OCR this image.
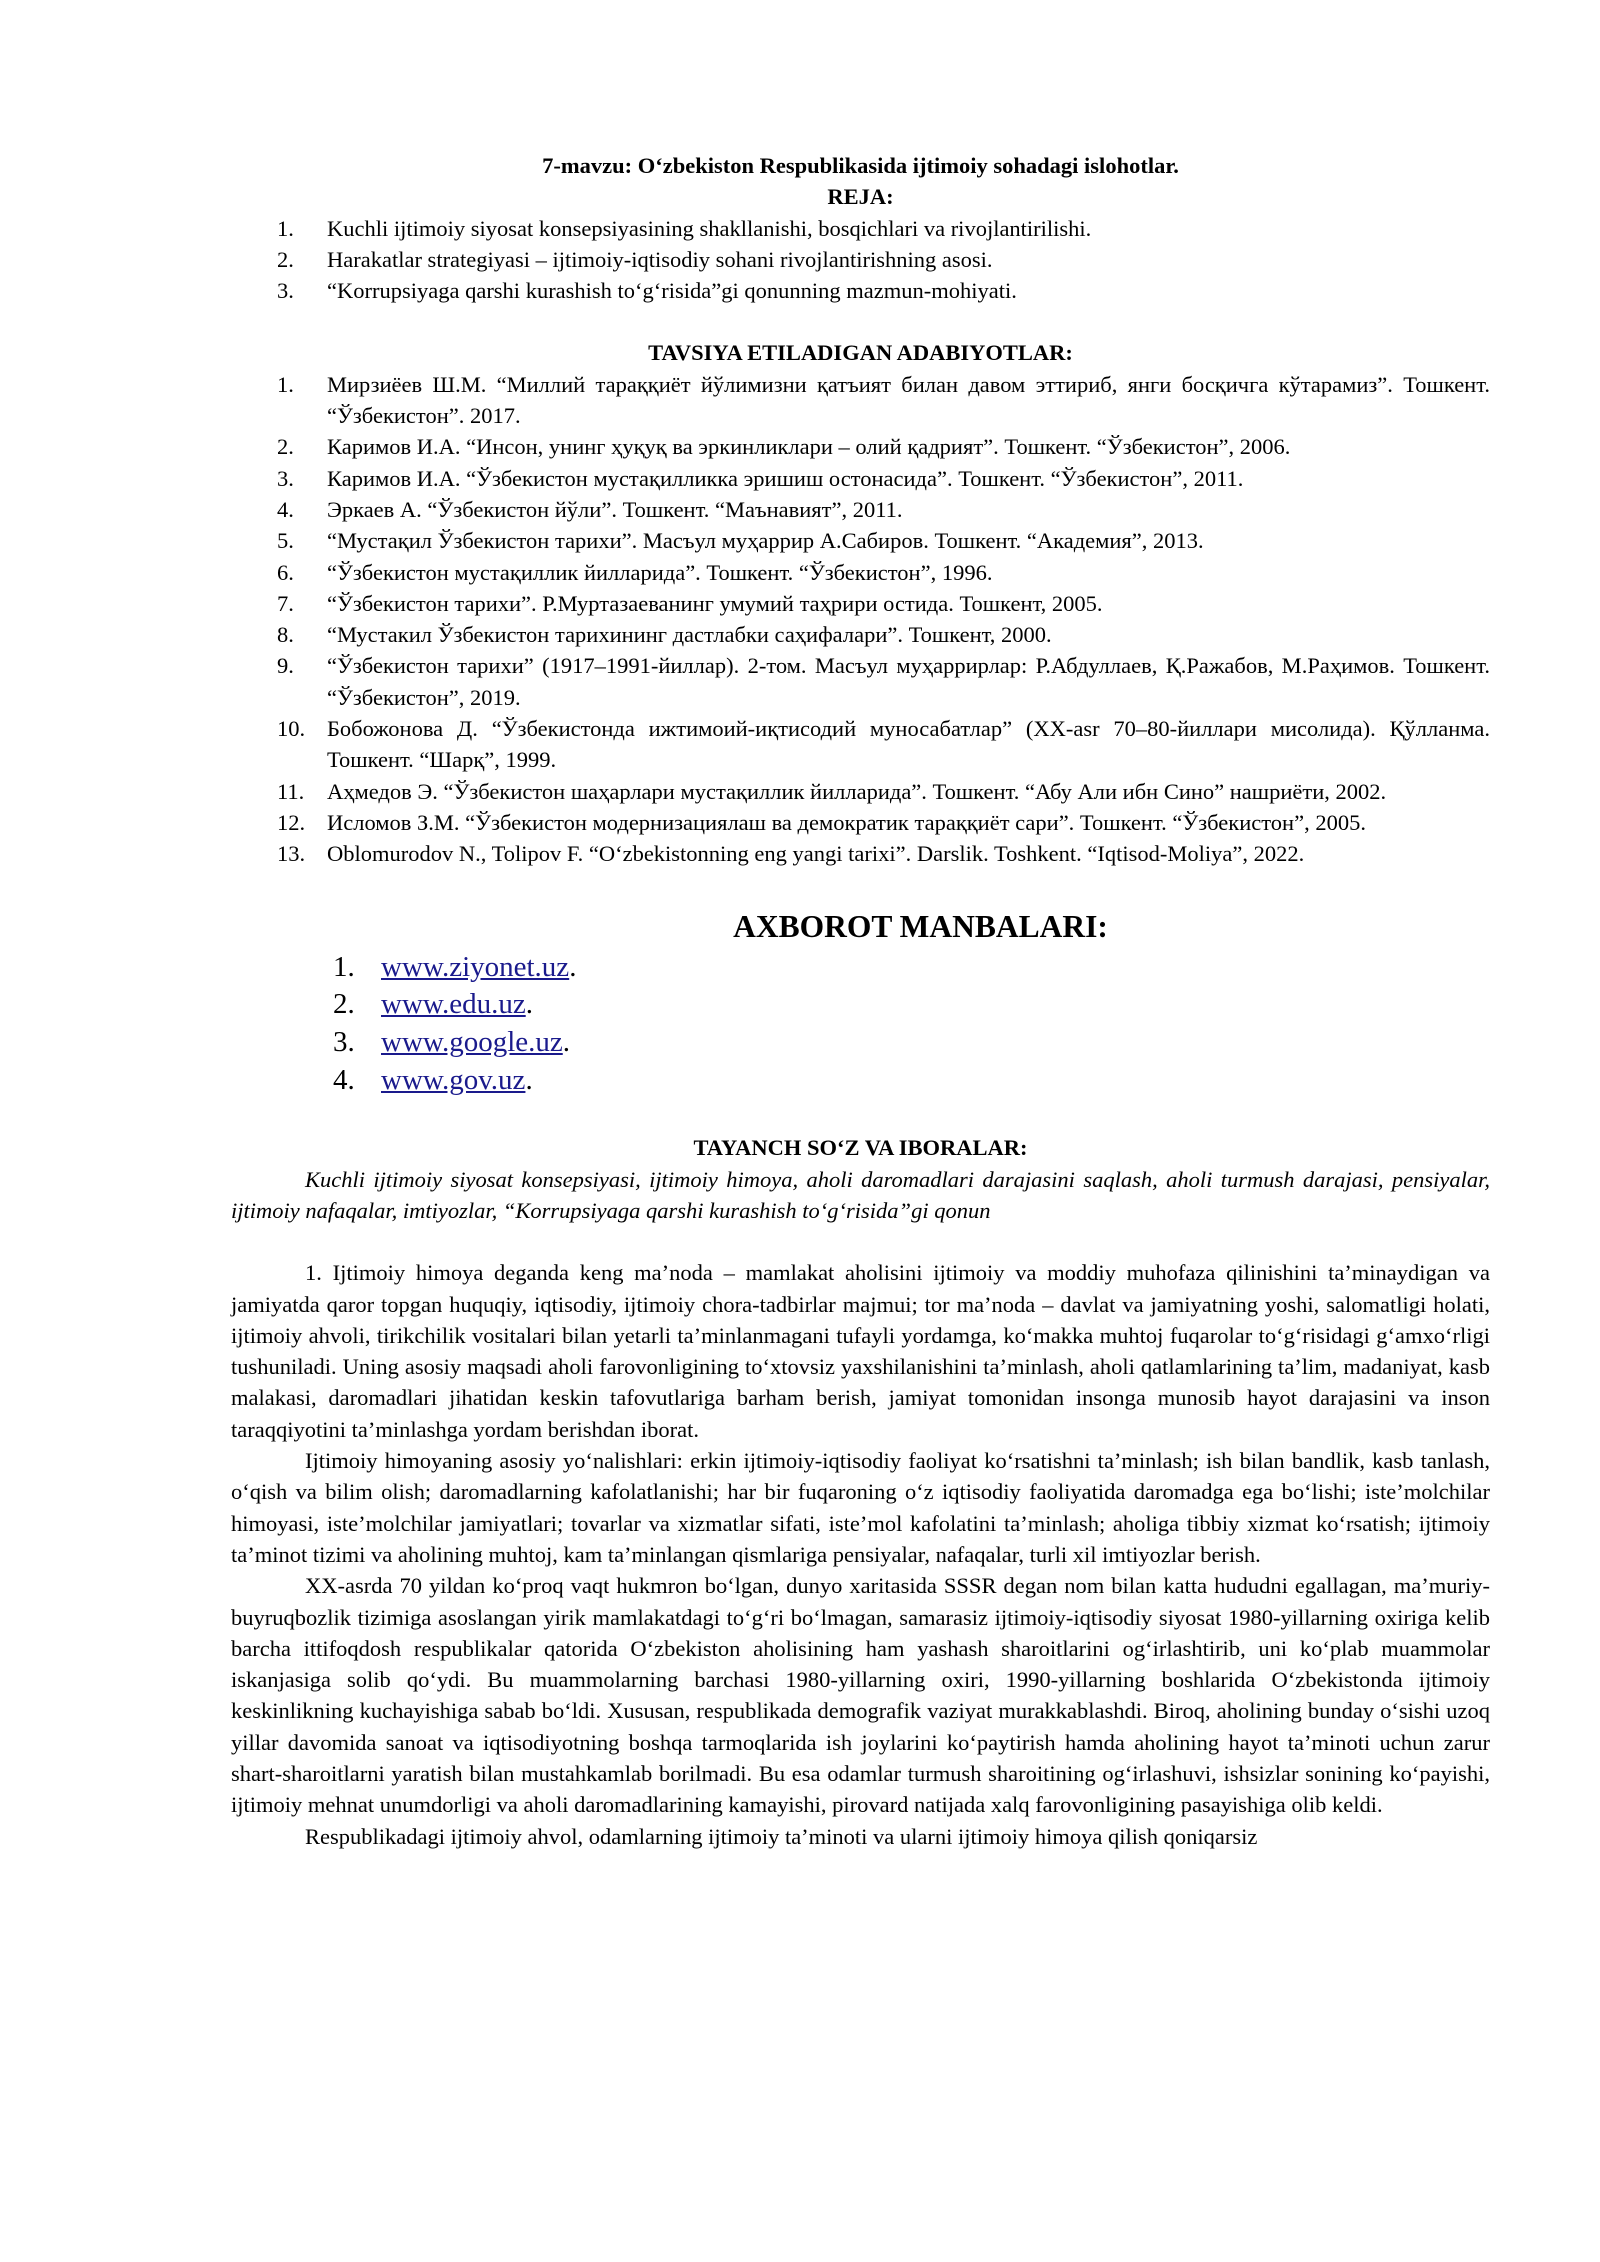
7-mavzu: O‘zbekiston Respublikasida ijtimoiy sohadagi islohotlar.

REJA:

1.	Kuchli ijtimoiy siyosat konsepsiyasining shakllanishi, bosqichlari va rivojlantirilishi.
2.	Harakatlar strategiyasi – ijtimoiy-iqtisodiy sohani rivojlantirishning asosi.
3.	“Korrupsiyaga qarshi kurashish to‘g‘risida”gi qonunning mazmun-mohiyati.

TAVSIYA ETILADIGAN ADABIYOTLAR:

1.	Мирзиёев Ш.М. “Миллий тараққиёт йўлимизни қатъият билан давом эттириб, янги босқичга кўтарамиз”. Тошкент. “Ўзбекистон”. 2017.
2.	Каримов И.А. “Инсон, унинг ҳуқуқ ва эркинликлари – олий қадрият”. Тошкент. “Ўзбекистон”, 2006.
3.	Каримов И.А. “Ўзбекистон мустақилликка эришиш остонасида”. Тошкент. “Ўзбекистон”, 2011.
4.	Эркаев А. “Ўзбекистон йўли”. Тошкент. “Маънавият”, 2011.
5.	“Мустақил Ўзбекистон тарихи”. Масъул муҳаррир А.Сабиров. Тошкент. “Академия”, 2013.
6.	“Ўзбекистон мустақиллик йилларида”. Тошкент. “Ўзбекистон”, 1996.
7.	“Ўзбекистон тарихи”. Р.Муртазаеванинг умумий таҳрири остида. Тошкент, 2005.
8.	“Мустакил Ўзбекистон тарихининг дастлабки саҳифалари”. Тошкент, 2000.
9.	“Ўзбекистон тарихи” (1917–1991-йиллар). 2-том. Масъул муҳаррирлар: Р.Абдуллаев, Қ.Ражабов, М.Раҳимов. Тошкент. “Ўзбекистон”, 2019.
10. Бобожонова Д. “Ўзбекистонда ижтимоий-иқтисодий муносабатлар” (XX-asr 70–80-йиллари мисолида). Қўлланма. Тошкент. “Шарқ”, 1999.
11.	Аҳмедов Э. “Ўзбекистон шаҳарлари мустақиллик йилларида”. Тошкент. “Абу Али ибн Сино” нашриёти, 2002.
12. Исломов З.М. “Ўзбекистон модернизациялаш ва демократик тараққиёт сари”. Тошкент. “Ўзбекистон”, 2005.
13. Oblomurodov N., Tolipov F. “O‘zbekistonning eng yangi tarixi”. Darslik. Toshkent. “Iqtisod-Moliya”, 2022.

AXBOROT MANBALARI:

1. www.ziyonet.uz.
2. www.edu.uz.
3. www.google.uz.
4. www.gov.uz.

TAYANCH SO‘Z VA IBORALAR:

Kuchli ijtimoiy siyosat konsepsiyasi, ijtimoiy himoya, aholi daromadlari darajasini saqlash, aholi turmush darajasi, pensiyalar, ijtimoiy nafaqalar, imtiyozlar, “Korrupsiyaga qarshi kurashish to‘g‘risida”gi qonun

1. Ijtimoiy himoya deganda keng ma’noda – mamlakat aholisini ijtimoiy va moddiy muhofaza qilinishini ta’minaydigan va jamiyatda qaror topgan huquqiy, iqtisodiy, ijtimoiy chora-tadbirlar majmui; tor ma’noda – davlat va jamiyatning yoshi, salomatligi holati, ijtimoiy ahvoli, tirikchilik vositalari bilan yetarli ta’minlanmagani tufayli yordamga, ko‘makka muhtoj fuqarolar to‘g‘risidagi g‘amxo‘rligi tushuniladi. Uning asosiy maqsadi aholi farovonligining to‘xtovsiz yaxshilanishini ta’minlash, aholi qatlamlarining ta’lim, madaniyat, kasb malakasi, daromadlari jihatidan keskin tafovutlariga barham berish, jamiyat tomonidan insonga munosib hayot darajasini va inson taraqqiyotini ta’minlashga yordam berishdan iborat.

Ijtimoiy himoyaning asosiy yo‘nalishlari: erkin ijtimoiy-iqtisodiy faoliyat ko‘rsatishni ta’minlash; ish bilan bandlik, kasb tanlash, o‘qish va bilim olish; daromadlarning kafolatlanishi; har bir fuqaroning o‘z iqtisodiy faoliyatida daromadga ega bo‘lishi; iste’molchilar himoyasi, iste’molchilar jamiyatlari; tovarlar va xizmatlar sifati, iste’mol kafolatini ta’minlash; aholiga tibbiy xizmat ko‘rsatish; ijtimoiy ta’minot tizimi va aholining muhtoj, kam ta’minlangan qismlariga pensiyalar, nafaqalar, turli xil imtiyozlar berish.

XX-asrda 70 yildan ko‘proq vaqt hukmron bo‘lgan, dunyo xaritasida SSSR degan nom bilan katta hududni egallagan, ma’muriy-buyruqbozlik tizimiga asoslangan yirik mamlakatdagi to‘g‘ri bo‘lmagan, samarasiz ijtimoiy-iqtisodiy siyosat 1980-yillarning oxiriga kelib barcha ittifoqdosh respublikalar qatorida O‘zbekiston aholisining ham yashash sharoitlarini og‘irlashtirib, uni ko‘plab muammolar iskanjasiga solib qo‘ydi. Bu muammolarning barchasi 1980-yillarning oxiri, 1990-yillarning boshlarida O‘zbekistonda ijtimoiy keskinlikning kuchayishiga sabab bo‘ldi. Xususan, respublikada demografik vaziyat murakkablashdi. Biroq, aholining bunday o‘sishi uzoq yillar davomida sanoat va iqtisodiyotning boshqa tarmoqlarida ish joylarini ko‘paytirish hamda aholining hayot ta’minoti uchun zarur shart-sharoitlarni yaratish bilan mustahkamlab borilmadi. Bu esa odamlar turmush sharoitining og‘irlashuvi, ishsizlar sonining ko‘payishi, ijtimoiy mehnat unumdorligi va aholi daromadlarining kamayishi, pirovard natijada xalq farovonligining pasayishiga olib keldi.

Respublikadagi ijtimoiy ahvol, odamlarning ijtimoiy ta’minoti va ularni ijtimoiy himoya qilish qoniqarsiz
